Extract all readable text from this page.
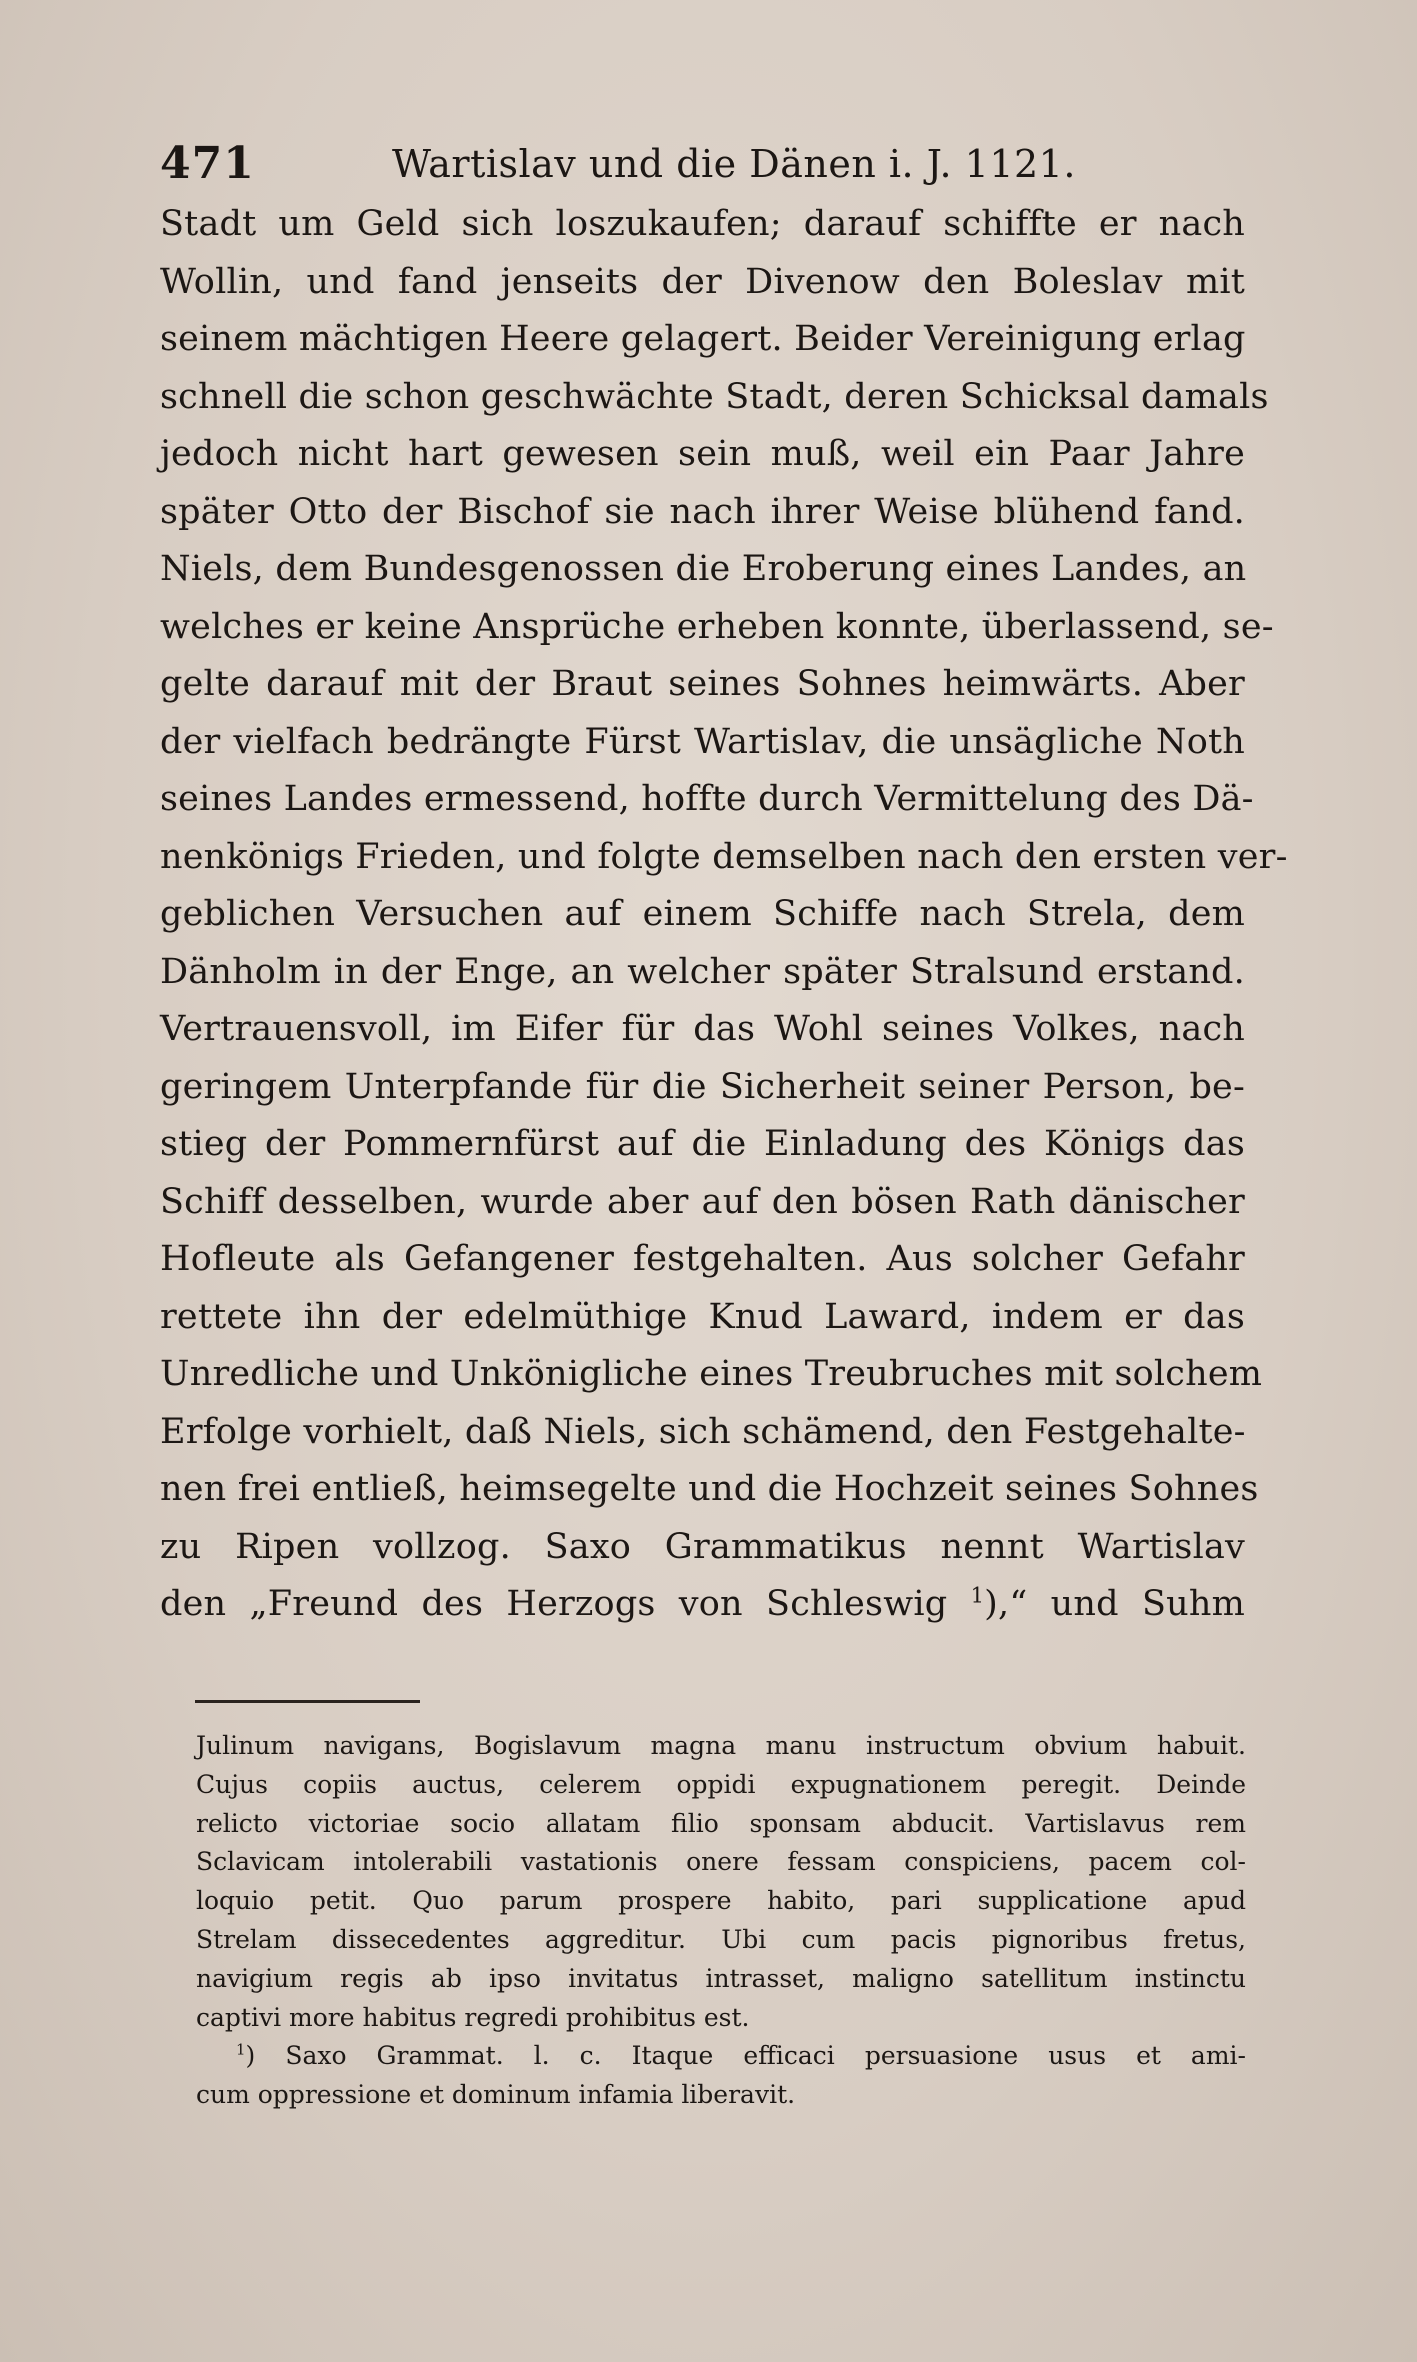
471	Wartislav und die Dänen i. J. 1121.
Stadt um Geld sich loszukaufen; darauf schiffte er nach
Wollin, und fand jenseits der Divenow den Boleslav mit
seinem mächtigen Heere gelagert. Beider Vereinigung erlag
schnell die schon geschwächte Stadt, deren Schicksal damals
jedoch nicht hart gewesen sein muß, weil ein Paar Jahre
später Otto der Bischof sie nach ihrer Weise blühend fand.
Niels, dem Bundesgenossen die Eroberung eines Landes, an
welches er keine Ansprüche erheben konnte, überlassend, se-
gelte darauf mit der Braut seines Sohnes heimwärts. Aber
der vielfach bedrängte Fürst Wartislav, die unsägliche Noth
seines Landes ermessend, hoffte durch Vermittelung des Dä-
nenkönigs Frieden, und folgte demselben nach den ersten ver-
geblichen Versuchen auf einem Schiffe nach Strela, dem
Dänholm in der Enge, an welcher später Stralsund erstand.
Vertrauensvoll, im Eifer für das Wohl seines Volkes, nach
geringem Unterpfande für die Sicherheit seiner Person, be-
stieg der Pommernfürst auf die Einladung des Königs das
Schiff desselben, wurde aber auf den bösen Rath dänischer
Hofleute als Gefangener festgehalten. Aus solcher Gefahr
rettete ihn der edelmüthige Knud Laward, indem er das
Unredliche und Unkönigliche eines Treubruches mit solchem
Erfolge vorhielt, daß Niels, sich schämend, den Festgehalte-
nen frei entließ, heimsegelte und die Hochzeit seines Sohnes
zu Ripen vollzog. Saxo Grammatikus nennt Wartislav
den „Freund des Herzogs von Schleswig $^1$),“ und Suhm
Julinum navigans, Bogislavum magna manu instructum obvium habuit.
Cujus copiis auctus, celerem oppidi expugnationem peregit. Deinde
relicto victoriae socio allatam filio sponsam abducit. Vartislavus rem
Sclavicam intolerabili vastationis onere fessam conspiciens, pacem col-
loquio petit. Quo parum prospere habito, pari supplicatione apud
Strelam dissecedentes aggreditur. Ubi cum pacis pignoribus fretus,
navigium regis ab ipso invitatus intrasset, maligno satellitum instinctu
captivi more habitus regredi prohibitus est.
$^1$) Saxo Grammat. l. c. Itaque efficaci persuasione usus et ami-
cum oppressione et dominum infamia liberavit.
